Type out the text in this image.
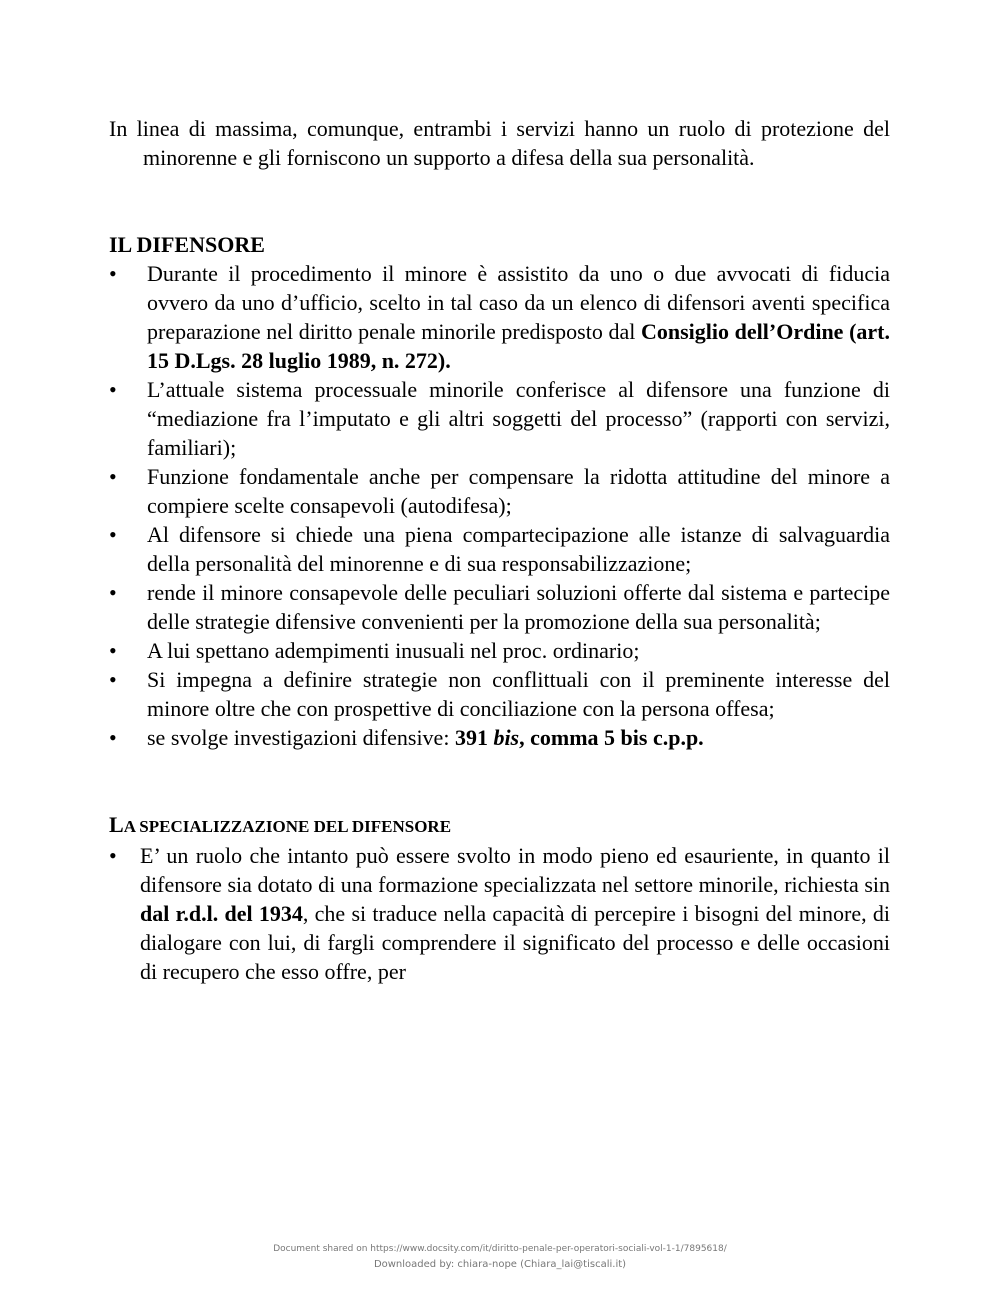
In linea di massima, comunque, entrambi i servizi hanno un ruolo di protezione del minorenne e gli forniscono un supporto a difesa della sua personalità.

IL DIFENSORE
•	Durante il procedimento il minore è assistito da uno o due avvocati di fiducia ovvero da uno d’ufficio, scelto in tal caso da un elenco di difensori aventi specifica preparazione nel diritto penale minorile predisposto dal Consiglio dell’Ordine (art. 15 D.Lgs. 28 luglio 1989, n. 272).
•	L’attuale sistema processuale minorile conferisce al difensore una funzione di “mediazione fra l’imputato e gli altri soggetti del processo” (rapporti con servizi, familiari);
•	Funzione fondamentale anche per compensare la ridotta attitudine del minore a compiere scelte consapevoli (autodifesa);
•	Al difensore si chiede una piena compartecipazione alle istanze di salvaguardia della personalità del minorenne e di sua responsabilizzazione;
•	rende il minore consapevole delle peculiari soluzioni offerte dal sistema e partecipe delle strategie difensive convenienti per la promozione della sua personalità;
•	A lui spettano adempimenti inusuali nel proc. ordinario;
•	Si impegna a definire strategie non conflittuali con il preminente interesse del minore oltre che con prospettive di conciliazione con la persona offesa;
•	se svolge investigazioni difensive: 391 bis, comma 5 bis c.p.p.
LA SPECIALIZZAZIONE DEL DIFENSORE
•	E’ un ruolo che intanto può essere svolto in modo pieno ed esauriente, in quanto il difensore sia dotato di una formazione specializzata nel settore minorile, richiesta sin dal r.d.l. del 1934, che si traduce nella capacità di percepire i bisogni del minore, di dialogare con lui, di fargli comprendere il significato del processo e delle occasioni di recupero che esso offre, per
Document shared on https://www.docsity.com/it/diritto-penale-per-operatori-sociali-vol-1-1/7895618/
Downloaded by: chiara-nope (Chiara_lai@tiscali.it)
